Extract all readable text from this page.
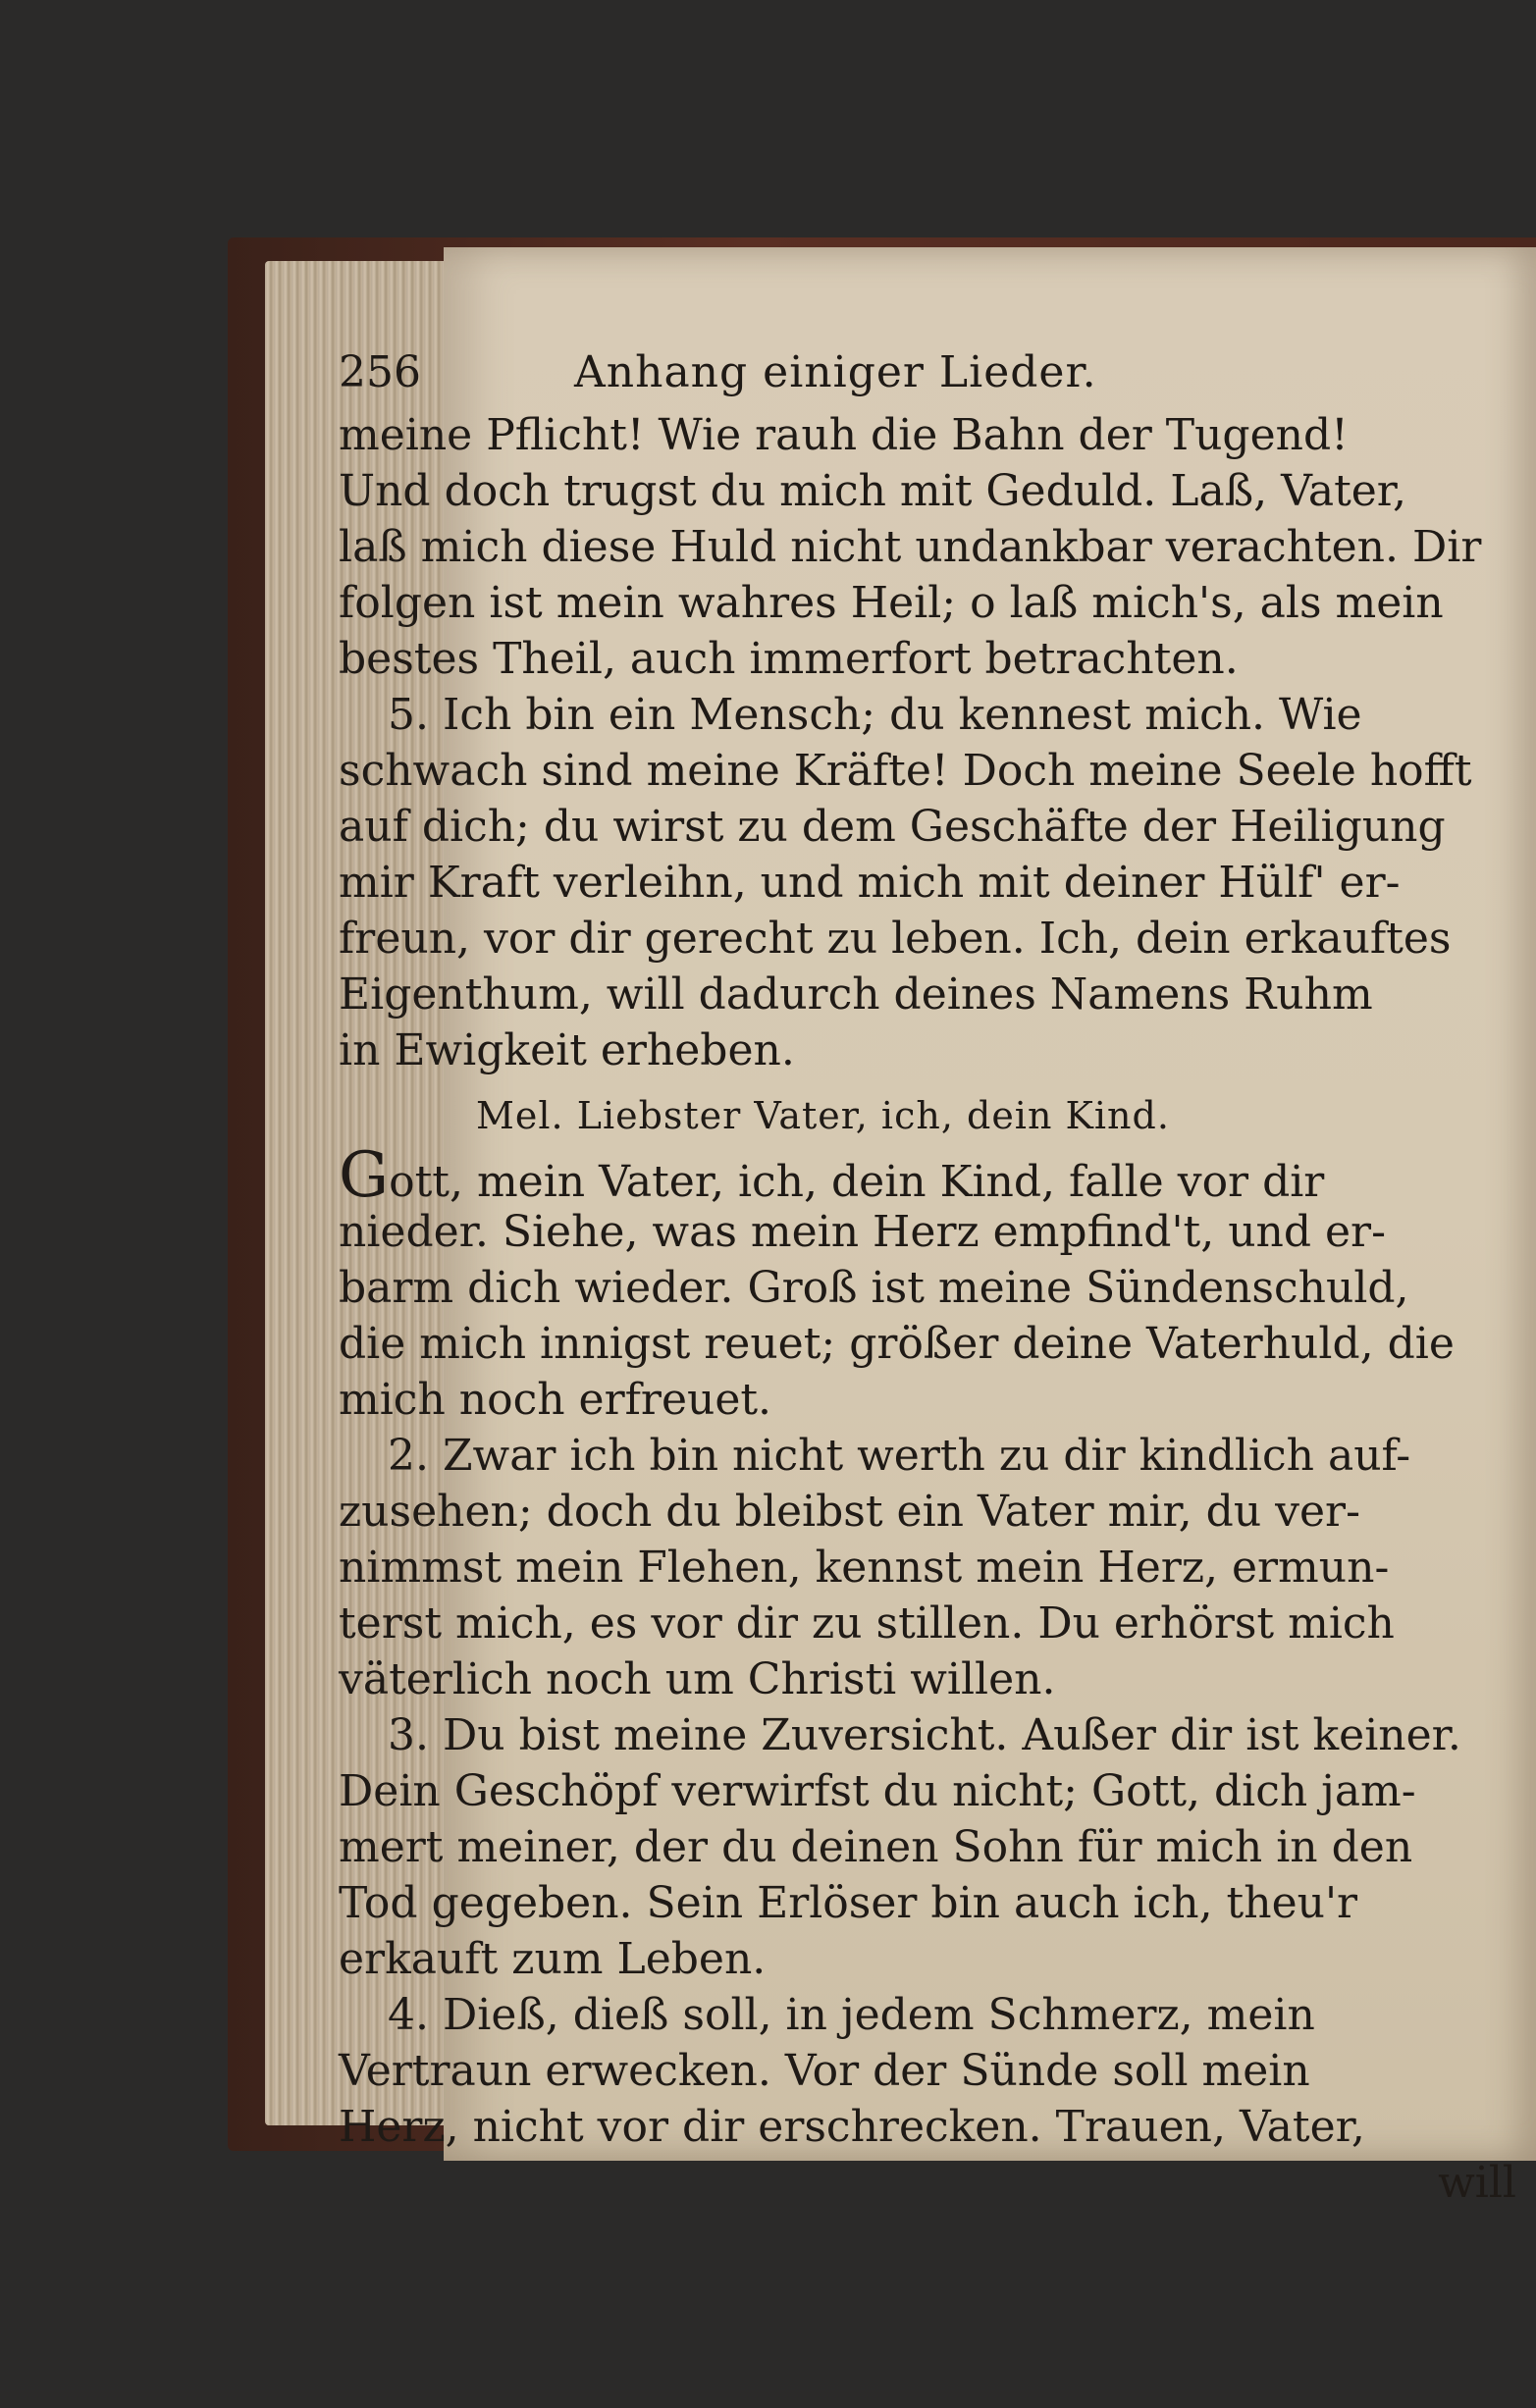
256	Anhang einiger Lieder.
meine Pflicht! Wie rauh die Bahn der Tugend!
Und doch trugst du mich mit Geduld. Laß, Vater,
laß mich diese Huld nicht undankbar verachten. Dir
folgen ist mein wahres Heil; o laß mich's, als mein
bestes Theil, auch immerfort betrachten.
5. Ich bin ein Mensch; du kennest mich. Wie
schwach sind meine Kräfte! Doch meine Seele hofft
auf dich; du wirst zu dem Geschäfte der Heiligung
mir Kraft verleihn, und mich mit deiner Hülf' er-
freun, vor dir gerecht zu leben. Ich, dein erkauftes
Eigenthum, will dadurch deines Namens Ruhm
in Ewigkeit erheben.
Mel. Liebster Vater, ich, dein Kind.
Gott, mein Vater, ich, dein Kind, falle vor dir
nieder. Siehe, was mein Herz empfind't, und er-
barm dich wieder. Groß ist meine Sündenschuld,
die mich innigst reuet; größer deine Vaterhuld, die
mich noch erfreuet.
2. Zwar ich bin nicht werth zu dir kindlich auf-
zusehen; doch du bleibst ein Vater mir, du ver-
nimmst mein Flehen, kennst mein Herz, ermun-
terst mich, es vor dir zu stillen. Du erhörst mich
väterlich noch um Christi willen.
3. Du bist meine Zuversicht. Außer dir ist keiner.
Dein Geschöpf verwirfst du nicht; Gott, dich jam-
mert meiner, der du deinen Sohn für mich in den
Tod gegeben. Sein Erlöser bin auch ich, theu'r
erkauft zum Leben.
4. Dieß, dieß soll, in jedem Schmerz, mein
Vertraun erwecken. Vor der Sünde soll mein
Herz, nicht vor dir erschrecken. Trauen, Vater,
will
